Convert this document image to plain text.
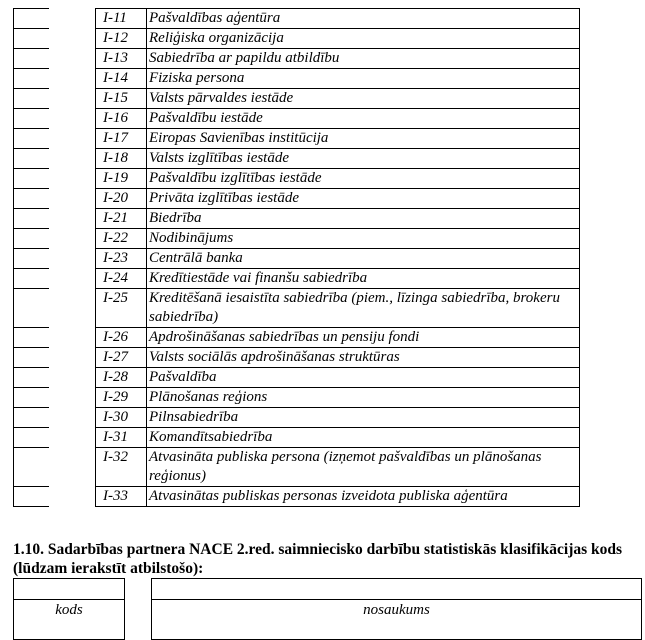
		I-11	Pašvaldības aģentūra
		I-12	Reliģiska organizācija
		I-13	Sabiedrība ar papildu atbildību
		I-14	Fiziska persona
		I-15	Valsts pārvaldes iestāde
		I-16	Pašvaldību iestāde
		I-17	Eiropas Savienības institūcija
		I-18	Valsts izglītības iestāde
		I-19	Pašvaldību izglītības iestāde
		I-20	Privāta izglītības iestāde
		I-21	Biedrība
		I-22	Nodibinājums
		I-23	Centrālā banka
		I-24	Kredītiestāde vai finanšu sabiedrība
		I-25	Kreditēšanā iesaistīta sabiedrība (piem., līzinga sabiedrība, brokeru sabiedrība)
		I-26	Apdrošināšanas sabiedrības un pensiju fondi
		I-27	Valsts sociālās apdrošināšanas struktūras
		I-28	Pašvaldība
		I-29	Plānošanas reģions
		I-30	Pilnsabiedrība
		I-31	Komandītsabiedrība
		I-32	Atvasināta publiska persona (izņemot pašvaldības un plānošanas reģionus)
		I-33	Atvasinātas publiskas personas izveidota publiska aģentūra
1.10. Sadarbības partnera NACE 2.red. saimniecisko darbību statistiskās klasifikācijas kods (lūdzam ierakstīt atbilstošo):
kods	nosaukums
